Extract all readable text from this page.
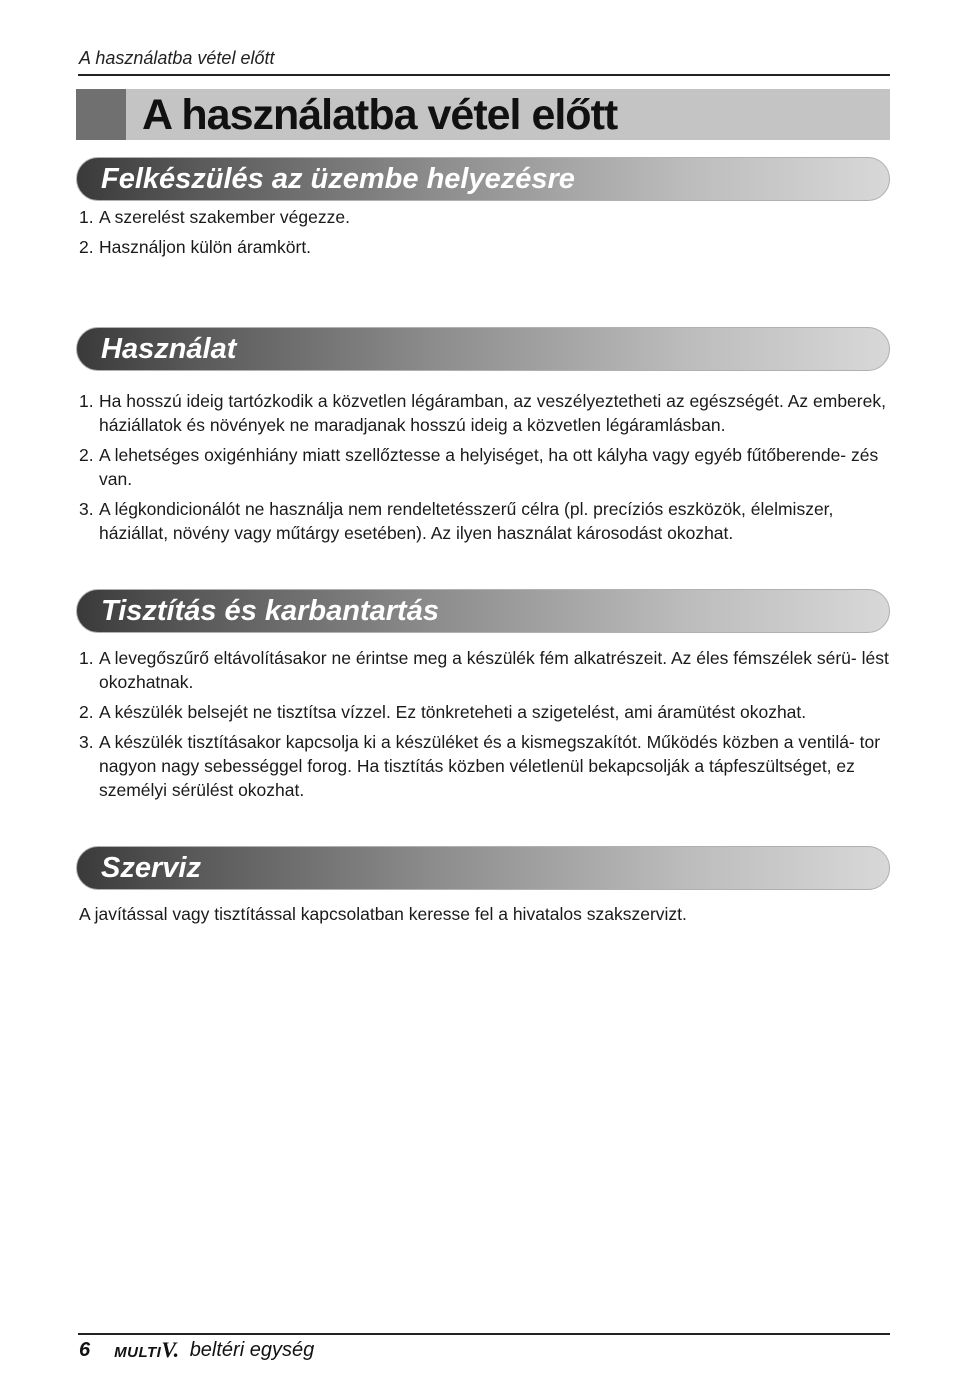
A használatba vétel előtt
A használatba vétel előtt
Felkészülés az üzembe helyezésre
1. A szerelést szakember végezze.
2. Használjon külön áramkört.
Használat
1. Ha hosszú ideig tartózkodik a közvetlen légáramban, az veszélyeztetheti az egészségét. Az emberek, háziállatok és növények ne maradjanak hosszú ideig a közvetlen légáramlásban.
2. A lehetséges oxigénhiány miatt szellőztesse a helyiséget, ha ott kályha vagy egyéb fűtőberende- zés van.
3. A légkondicionálót ne használja nem rendeltetésszerű célra (pl. precíziós eszközök, élelmiszer, háziállat, növény vagy műtárgy esetében). Az ilyen használat károsodást okozhat.
Tisztítás és karbantartás
1. A levegőszűrő eltávolításakor ne érintse meg a készülék fém alkatrészeit. Az éles fémszélek sérü- lést okozhatnak.
2. A készülék belsejét ne tisztítsa vízzel. Ez tönkreteheti a szigetelést, ami áramütést okozhat.
3. A készülék tisztításakor kapcsolja ki a készüléket és a kismegszakítót. Működés közben a ventilá- tor nagyon nagy sebességgel forog. Ha tisztítás közben véletlenül bekapcsolják a tápfeszültséget, ez személyi sérülést okozhat.
Szerviz
A javítással vagy tisztítással kapcsolatban keresse fel a hivatalos szakszervizt.
6 MULTIV. beltéri egység
